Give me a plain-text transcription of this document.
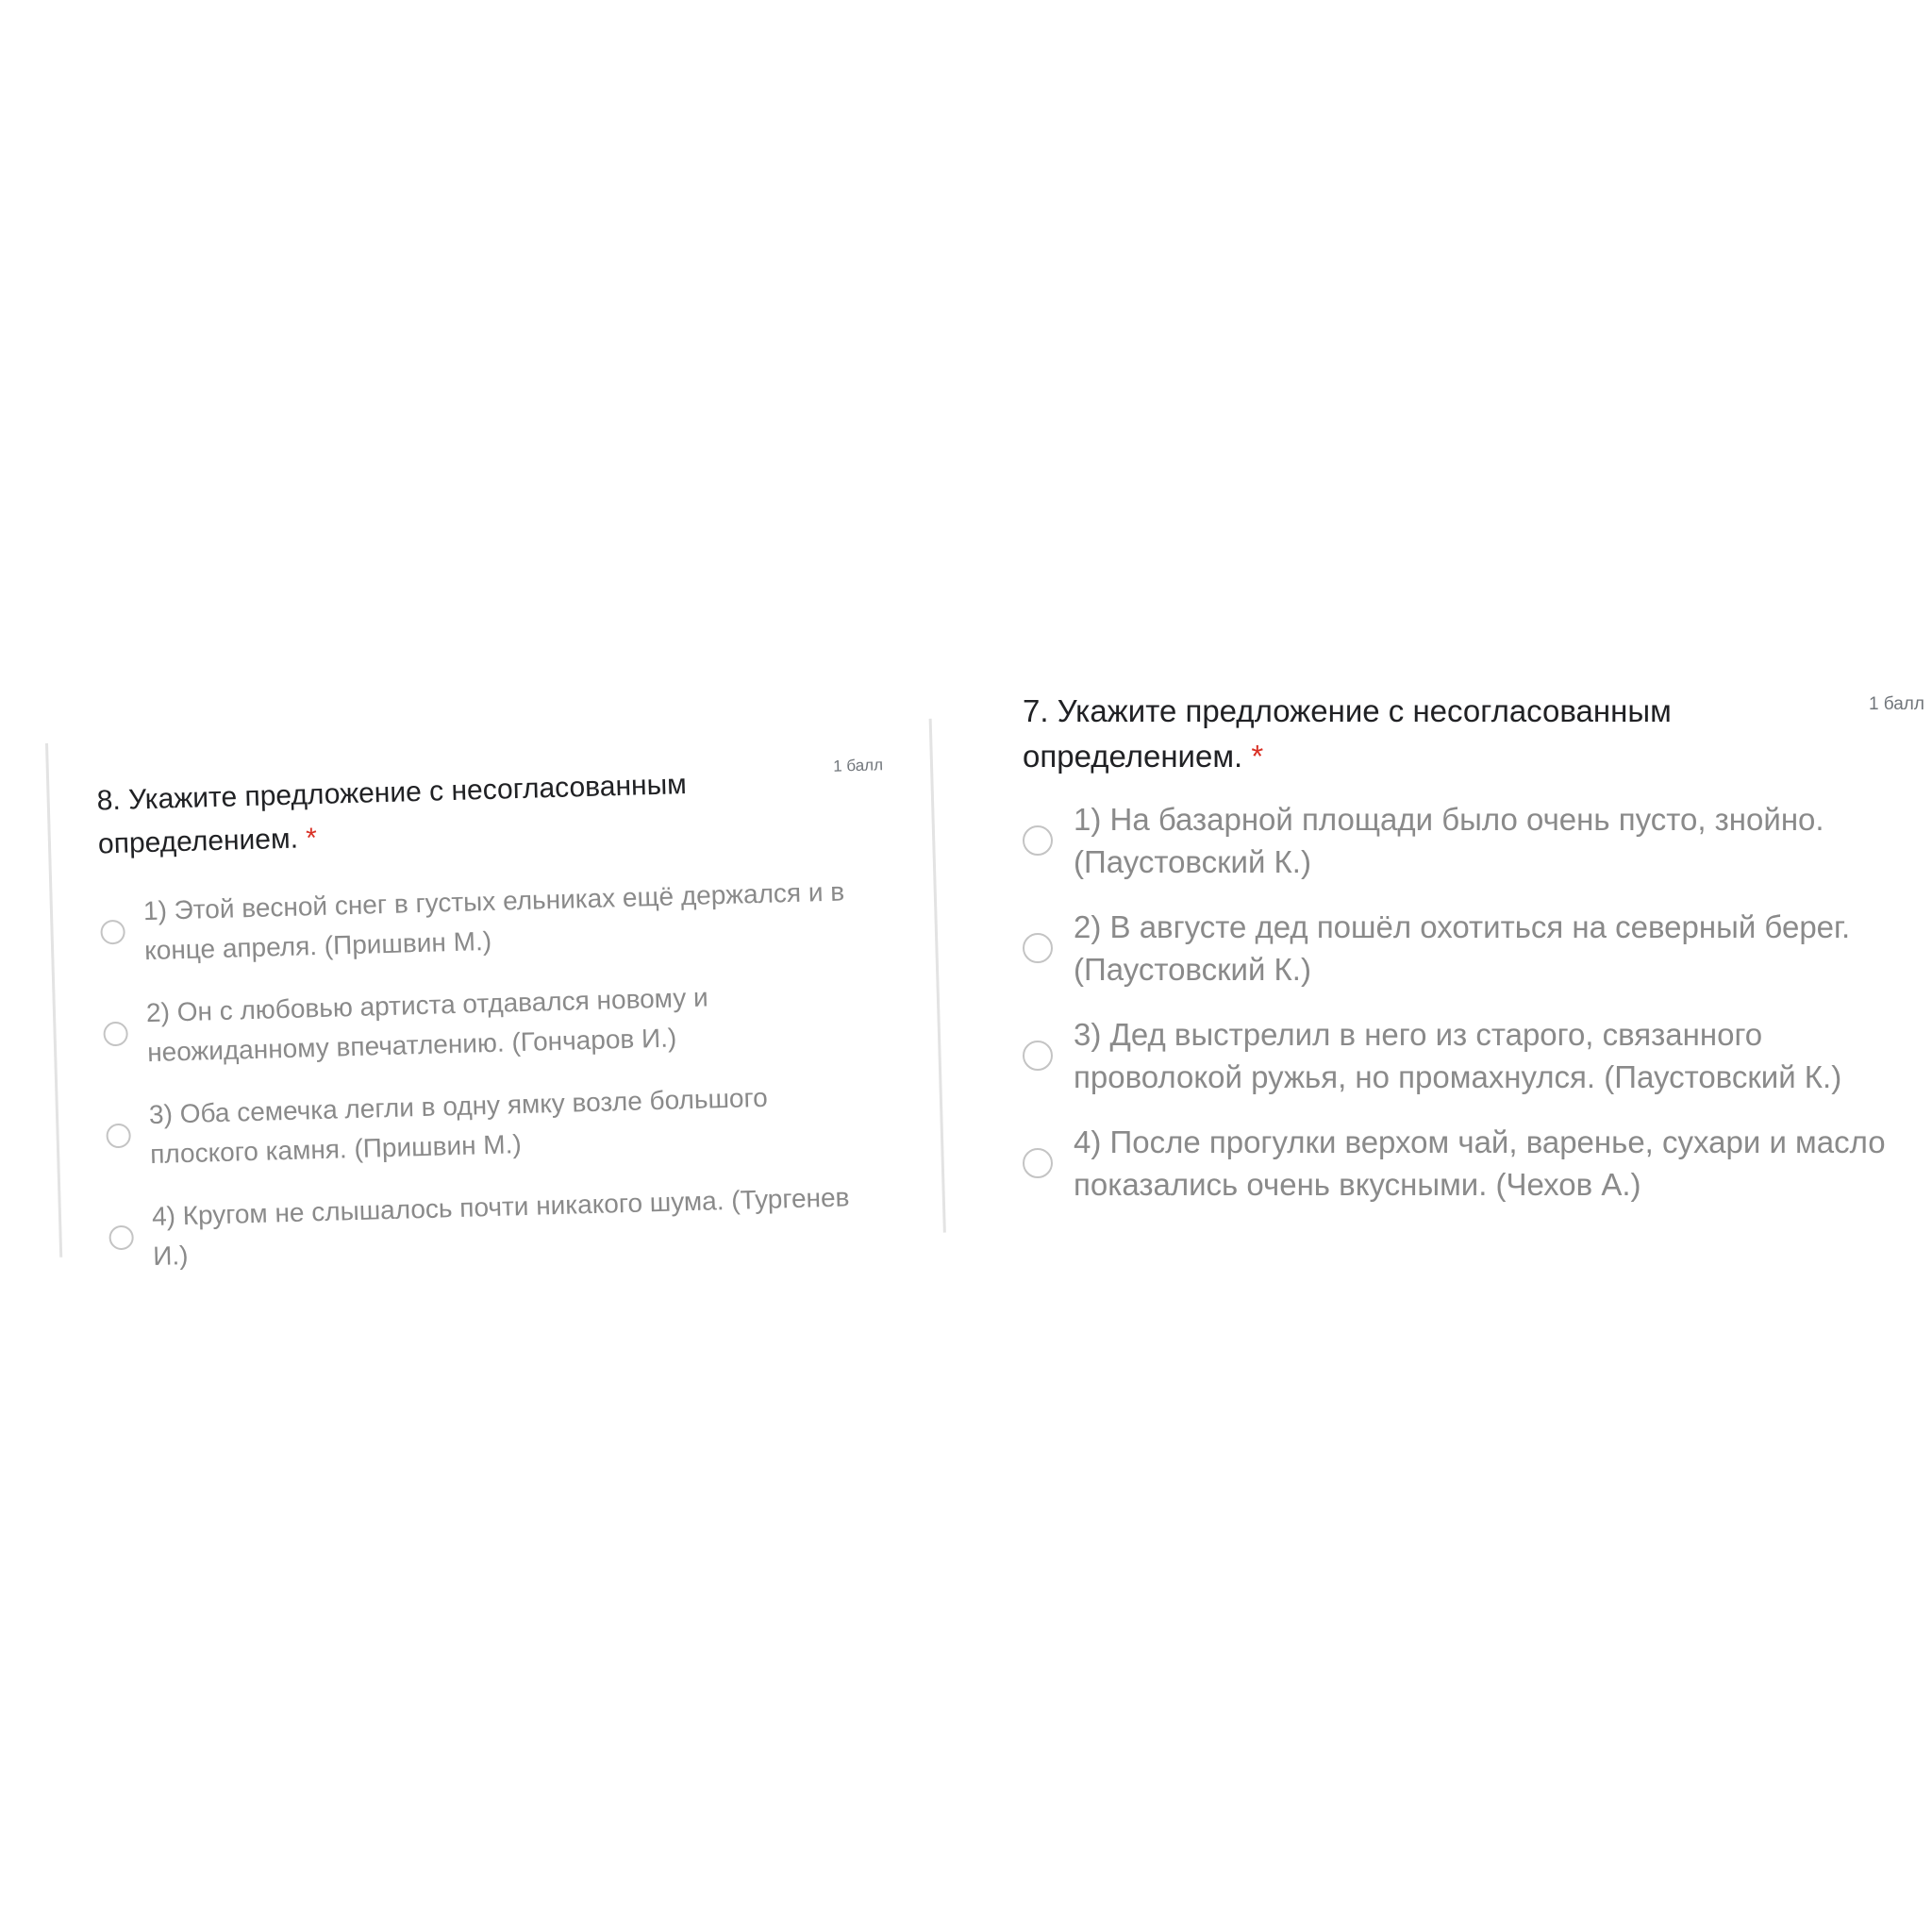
8. Укажите предложение с несогласованным определением. *
1 балл
1) Этой весной снег в густых ельниках ещё держался и в конце апреля. (Пришвин М.)
2) Он с любовью артиста отдавался новому и неожиданному впечатлению. (Гончаров И.)
3) Оба семечка легли в одну ямку возле большого плоского камня. (Пришвин М.)
4) Кругом не слышалось почти никакого шума. (Тургенев И.)
7. Укажите предложение с несогласованным определением. *
1 балл
1) На базарной площади было очень пусто, знойно. (Паустовский К.)
2) В августе дед пошёл охотиться на северный берег. (Паустовский К.)
3) Дед выстрелил в него из старого, связанного проволокой ружья, но промахнулся. (Паустовский К.)
4) После прогулки верхом чай, варенье, сухари и масло показались очень вкусными. (Чехов А.)
